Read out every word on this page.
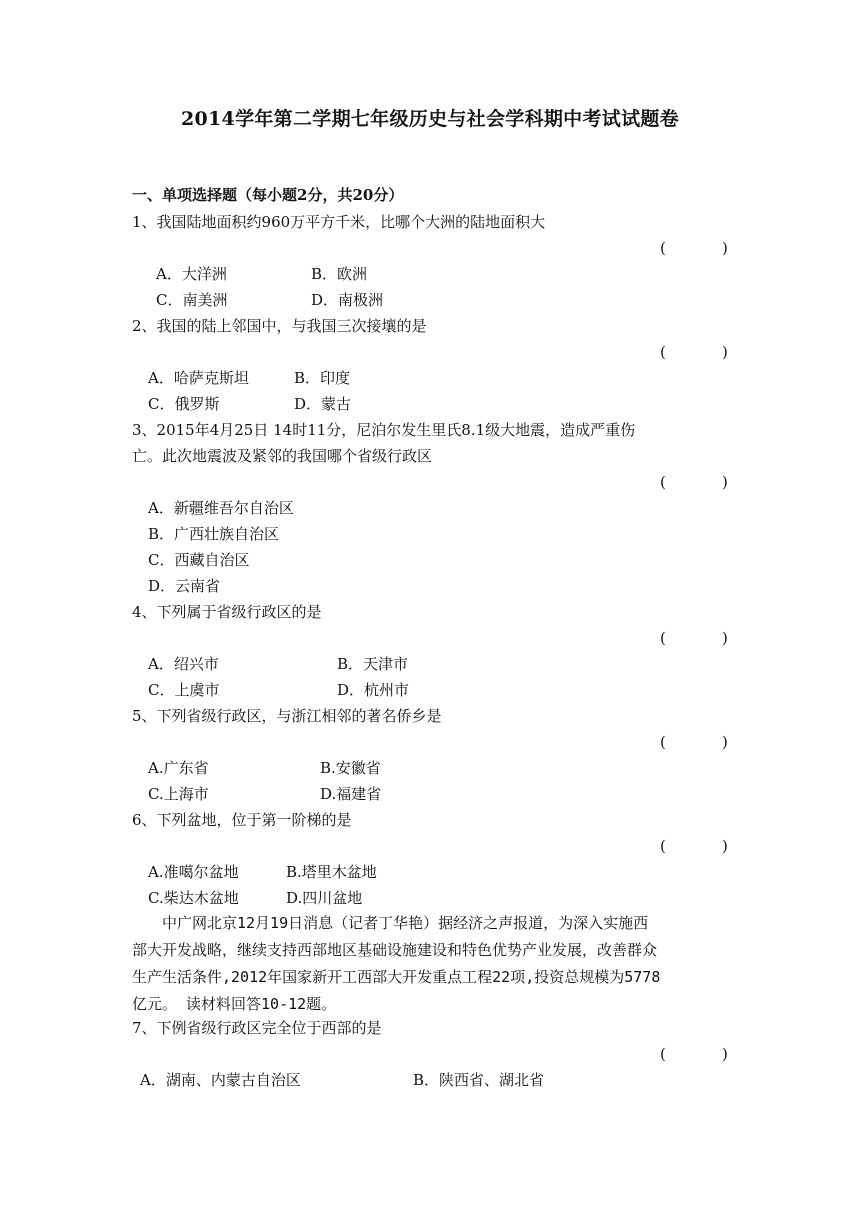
2014学年第二学期七年级历史与社会学科期中考试试题卷
一、单项选择题（每小题2分，共20分）
1、我国陆地面积约960万平方千米，比哪个大洲的陆地面积大
(	)
A．大洋洲	B．欧洲
C．南美洲	D．南极洲
2、我国的陆上邻国中，与我国三次接壤的是
(	)
A．哈萨克斯坦	B．印度
C．俄罗斯	D．蒙古
3、2015年4月25日 14时11分，尼泊尔发生里氏8.1级大地震，造成严重伤
亡。此次地震波及紧邻的我国哪个省级行政区
(	)
A．新疆维吾尔自治区
B．广西壮族自治区
C．西藏自治区
D．云南省
4、下列属于省级行政区的是
(	)
A．绍兴市	B．天津市
C．上虞市	D．杭州市
5、下列省级行政区，与浙江相邻的著名侨乡是
(	)
A.广东省	B.安徽省
C.上海市	D.福建省
6、下列盆地，位于第一阶梯的是
(	)
A.准噶尔盆地	B.塔里木盆地
C.柴达木盆地	D.四川盆地
中广网北京12月19日消息（记者丁华艳）据经济之声报道，为深入实施西
部大开发战略，继续支持西部地区基础设施建设和特色优势产业发展，改善群众
生产生活条件,2012年国家新开工西部大开发重点工程22项,投资总规模为5778
亿元。 读材料回答10-12题。
7、下例省级行政区完全位于西部的是
(	)
A．湖南、内蒙古自治区	B．陕西省、湖北省
